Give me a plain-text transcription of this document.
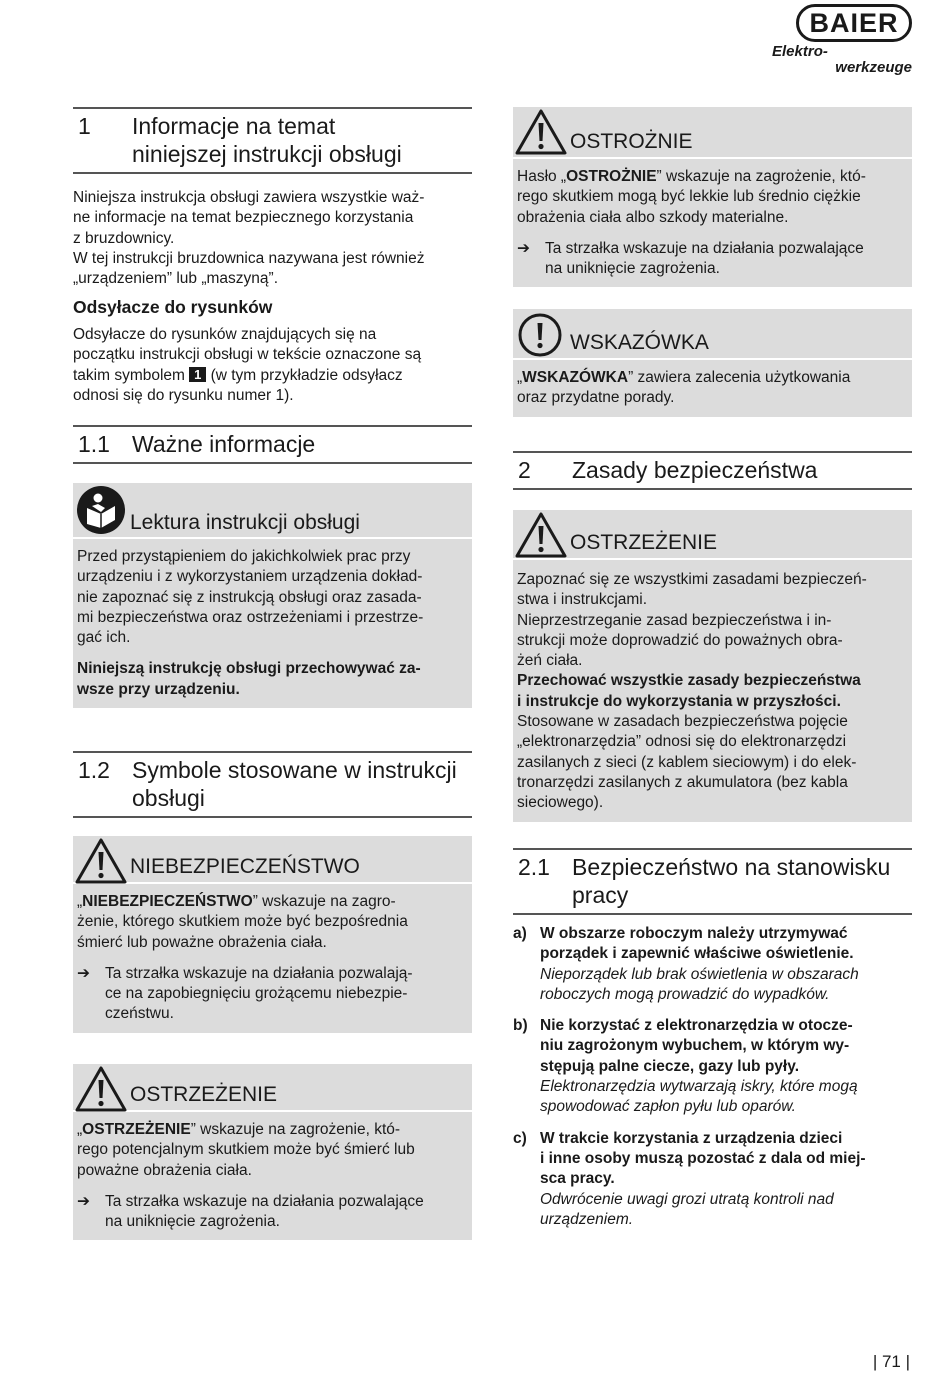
BAIER
Elektro-
werkzeuge
1	Informacje na temat
niniejszej instrukcji obsługi
Niniejsza instrukcja obsługi zawiera wszystkie waż-
ne informacje na temat bezpiecznego korzystania
z bruzdownicy.
W tej instrukcji bruzdownica nazywana jest również
„urządzeniem” lub „maszyną”.
Odsyłacze do rysunków
Odsyłacze do rysunków znajdujących się na
początku instrukcji obsługi w tekście oznaczone są
takim symbolem 1 (w tym przykładzie odsyłacz
odnosi się do rysunku numer 1).
1.1 Ważne informacje
Lektura instrukcji obsługi

Przed przystąpieniem do jakichkolwiek prac przy
urządzeniu i z wykorzystaniem urządzenia dokład-
nie zapoznać się z instrukcją obsługi oraz zasada-
mi bezpieczeństwa oraz ostrzeżeniami i przestrze-
gać ich.

Niniejszą instrukcję obsługi przechowywać za-
wsze przy urządzeniu.

1.2 Symbole stosowane w instrukcji
obsługi
NIEBEZPIECZEŃSTWO

„NIEBEZPIECZEŃSTWO” wskazuje na zagro-
żenie, którego skutkiem może być bezpośrednia
śmierć lub poważne obrażenia ciała.

➔ Ta strzałka wskazuje na działania pozwalają-
ce na zapobiegnięciu grożącemu niebezpie-
czeństwu.
OSTRZEŻENIE

„OSTRZEŻENIE” wskazuje na zagrożenie, któ-
rego potencjalnym skutkiem może być śmierć lub
poważne obrażenia ciała.

➔ Ta strzałka wskazuje na działania pozwalające
na uniknięcie zagrożenia.
OSTROŻNIE

Hasło „OSTROŻNIE” wskazuje na zagrożenie, któ-
rego skutkiem mogą być lekkie lub średnio ciężkie
obrażenia ciała albo szkody materialne.

➔ Ta strzałka wskazuje na działania pozwalające
na uniknięcie zagrożenia.
WSKAZÓWKA

„WSKAZÓWKA” zawiera zalecenia użytkowania
oraz przydatne porady.

2	Zasady bezpieczeństwa
OSTRZEŻENIE
Zapoznać się ze wszystkimi zasadami bezpieczeń-
stwa i instrukcjami.
Nieprzestrzeganie zasad bezpieczeństwa i in-
strukcji może doprowadzić do poważnych obra-
żeń ciała.
Przechować wszystkie zasady bezpieczeństwa
i instrukcje do wykorzystania w przyszłości.
Stosowane w zasadach bezpieczeństwa pojęcie
„elektronarzędzia” odnosi się do elektronarzędzi
zasilanych z sieci (z kablem sieciowym) i do elek-
tronarzędzi zasilanych z akumulatora (bez kabla
sieciowego).
2.1 Bezpieczeństwo na stanowisku
pracy
a) W obszarze roboczym należy utrzymywać
porządek i zapewnić właściwe oświetlenie.
Nieporządek lub brak oświetlenia w obszarach
roboczych mogą prowadzić do wypadków.
b) Nie korzystać z elektronarzędzia w otocze-
niu zagrożonym wybuchem, w którym wy-
stępują palne ciecze, gazy lub pyły.
Elektronarzędzia wytwarzają iskry, które mogą
spowodować zapłon pyłu lub oparów.
c) W trakcie korzystania z urządzenia dzieci
i inne osoby muszą pozostać z dala od miej-
sca pracy.
Odwrócenie uwagi grozi utratą kontroli nad
urządzeniem.
| 71 |
